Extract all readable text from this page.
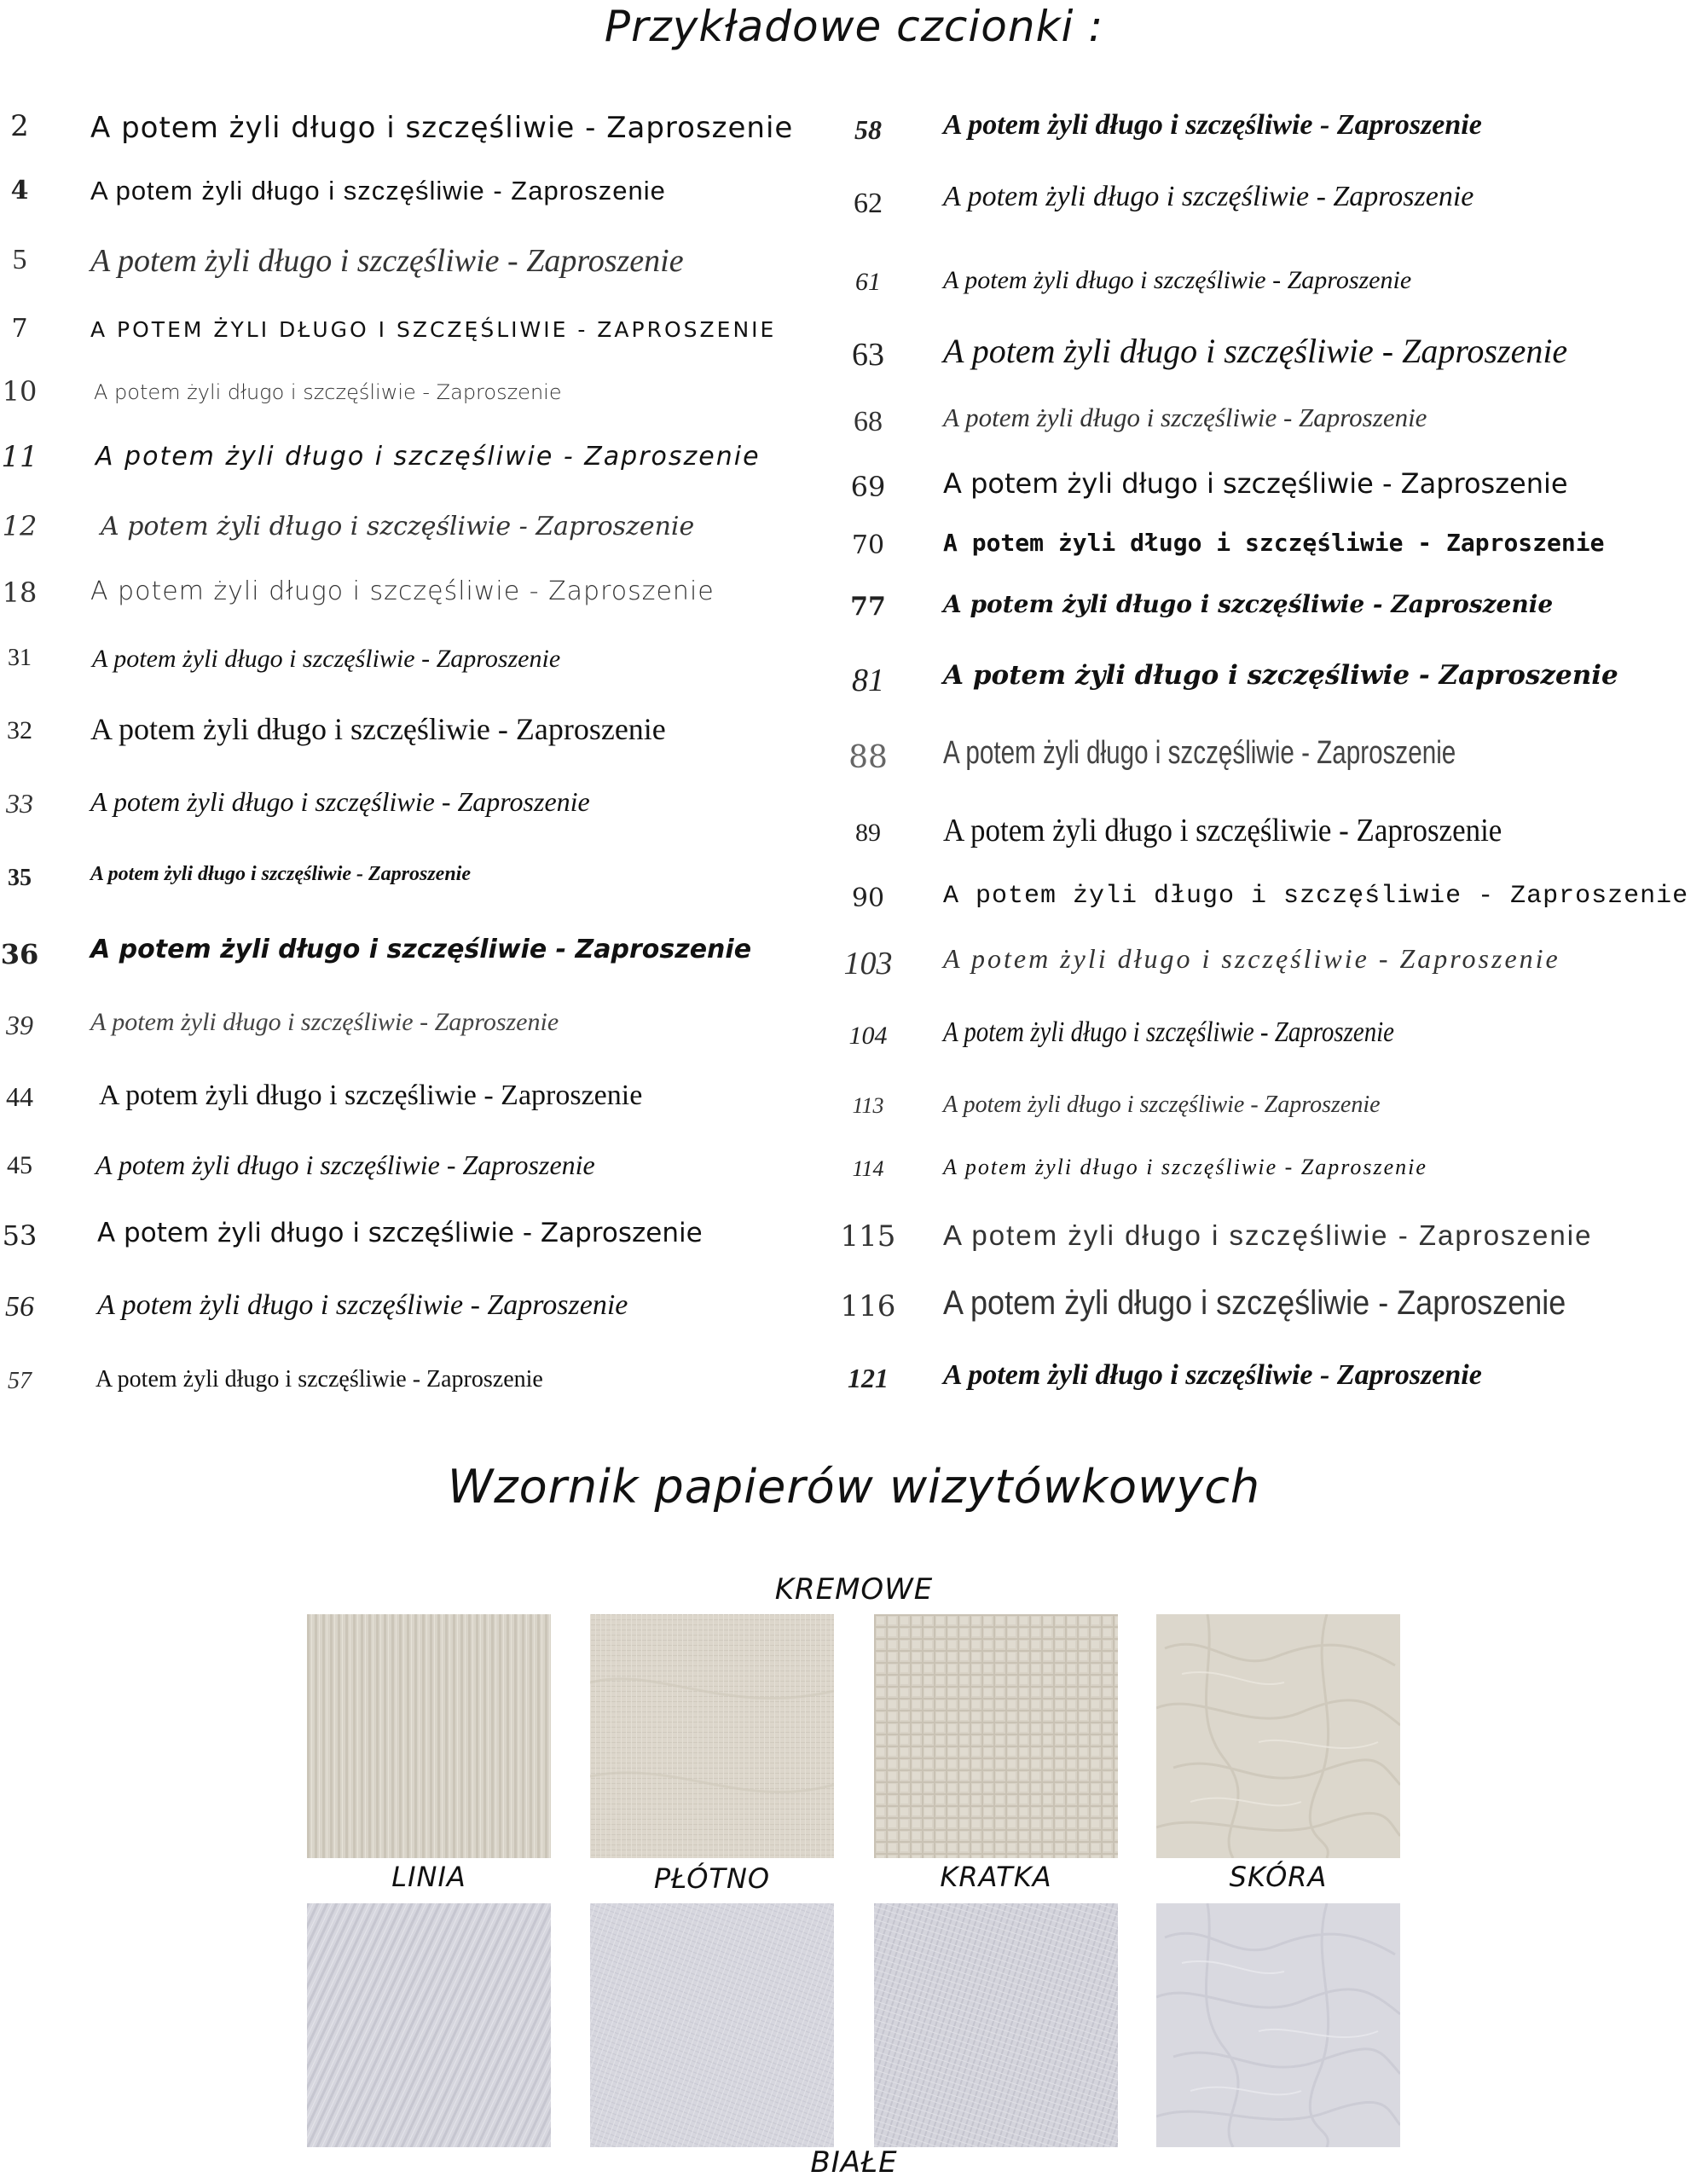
Przykładowe czcionki :
2	A potem żyli długo i szczęśliwie - Zaproszenie
4	A potem żyli długo i szczęśliwie - Zaproszenie
5	A potem żyli długo i szczęśliwie - Zaproszenie
7	A POTEM ŻYLI DŁUGO I SZCZĘŚLIWIE - ZAPROSZENIE
10	A potem żyli długo i szczęśliwie - Zaproszenie
11	A potem żyli długo i szczęśliwie - Zaproszenie
12	A potem żyli długo i szczęśliwie - Zaproszenie
18	A potem żyli długo i szczęśliwie - Zaproszenie
31	A potem żyli długo i szczęśliwie - Zaproszenie
32	A potem żyli długo i szczęśliwie - Zaproszenie
33	A potem żyli długo i szczęśliwie - Zaproszenie
35	A potem żyli długo i szczęśliwie - Zaproszenie
36	A potem żyli długo i szczęśliwie - Zaproszenie
39	A potem żyli długo i szczęśliwie - Zaproszenie
44	A potem żyli długo i szczęśliwie - Zaproszenie
45	A potem żyli długo i szczęśliwie - Zaproszenie
53	A potem żyli długo i szczęśliwie - Zaproszenie
56	A potem żyli długo i szczęśliwie - Zaproszenie
57	A potem żyli długo i szczęśliwie - Zaproszenie
58	A potem żyli długo i szczęśliwie - Zaproszenie
62	A potem żyli długo i szczęśliwie - Zaproszenie
61	A potem żyli długo i szczęśliwie - Zaproszenie
63	A potem żyli długo i szczęśliwie - Zaproszenie
68	A potem żyli długo i szczęśliwie - Zaproszenie
69	A potem żyli długo i szczęśliwie - Zaproszenie
70	A potem żyli długo i szczęśliwie - Zaproszenie
77	A potem żyli długo i szczęśliwie - Zaproszenie
81	A potem żyli długo i szczęśliwie - Zaproszenie
88	A potem żyli długo i szczęśliwie - Zaproszenie
89	A potem żyli długo i szczęśliwie - Zaproszenie
90	A potem żyli długo i szczęśliwie - Zaproszenie
103 A potem żyli długo i szczęśliwie - Zaproszenie
104	A potem żyli długo i szczęśliwie - Zaproszenie
113	A potem żyli długo i szczęśliwie - Zaproszenie
114	A potem żyli długo i szczęśliwie - Zaproszenie
115 A potem żyli długo i szczęśliwie - Zaproszenie
116 A potem żyli długo i szczęśliwie - Zaproszenie
121	A potem żyli długo i szczęśliwie - Zaproszenie
Wzornik papierów wizytówkowych
KREMOWE
LINIA	PŁÓTNO	KRATKA	SKÓRA
BIAŁE
